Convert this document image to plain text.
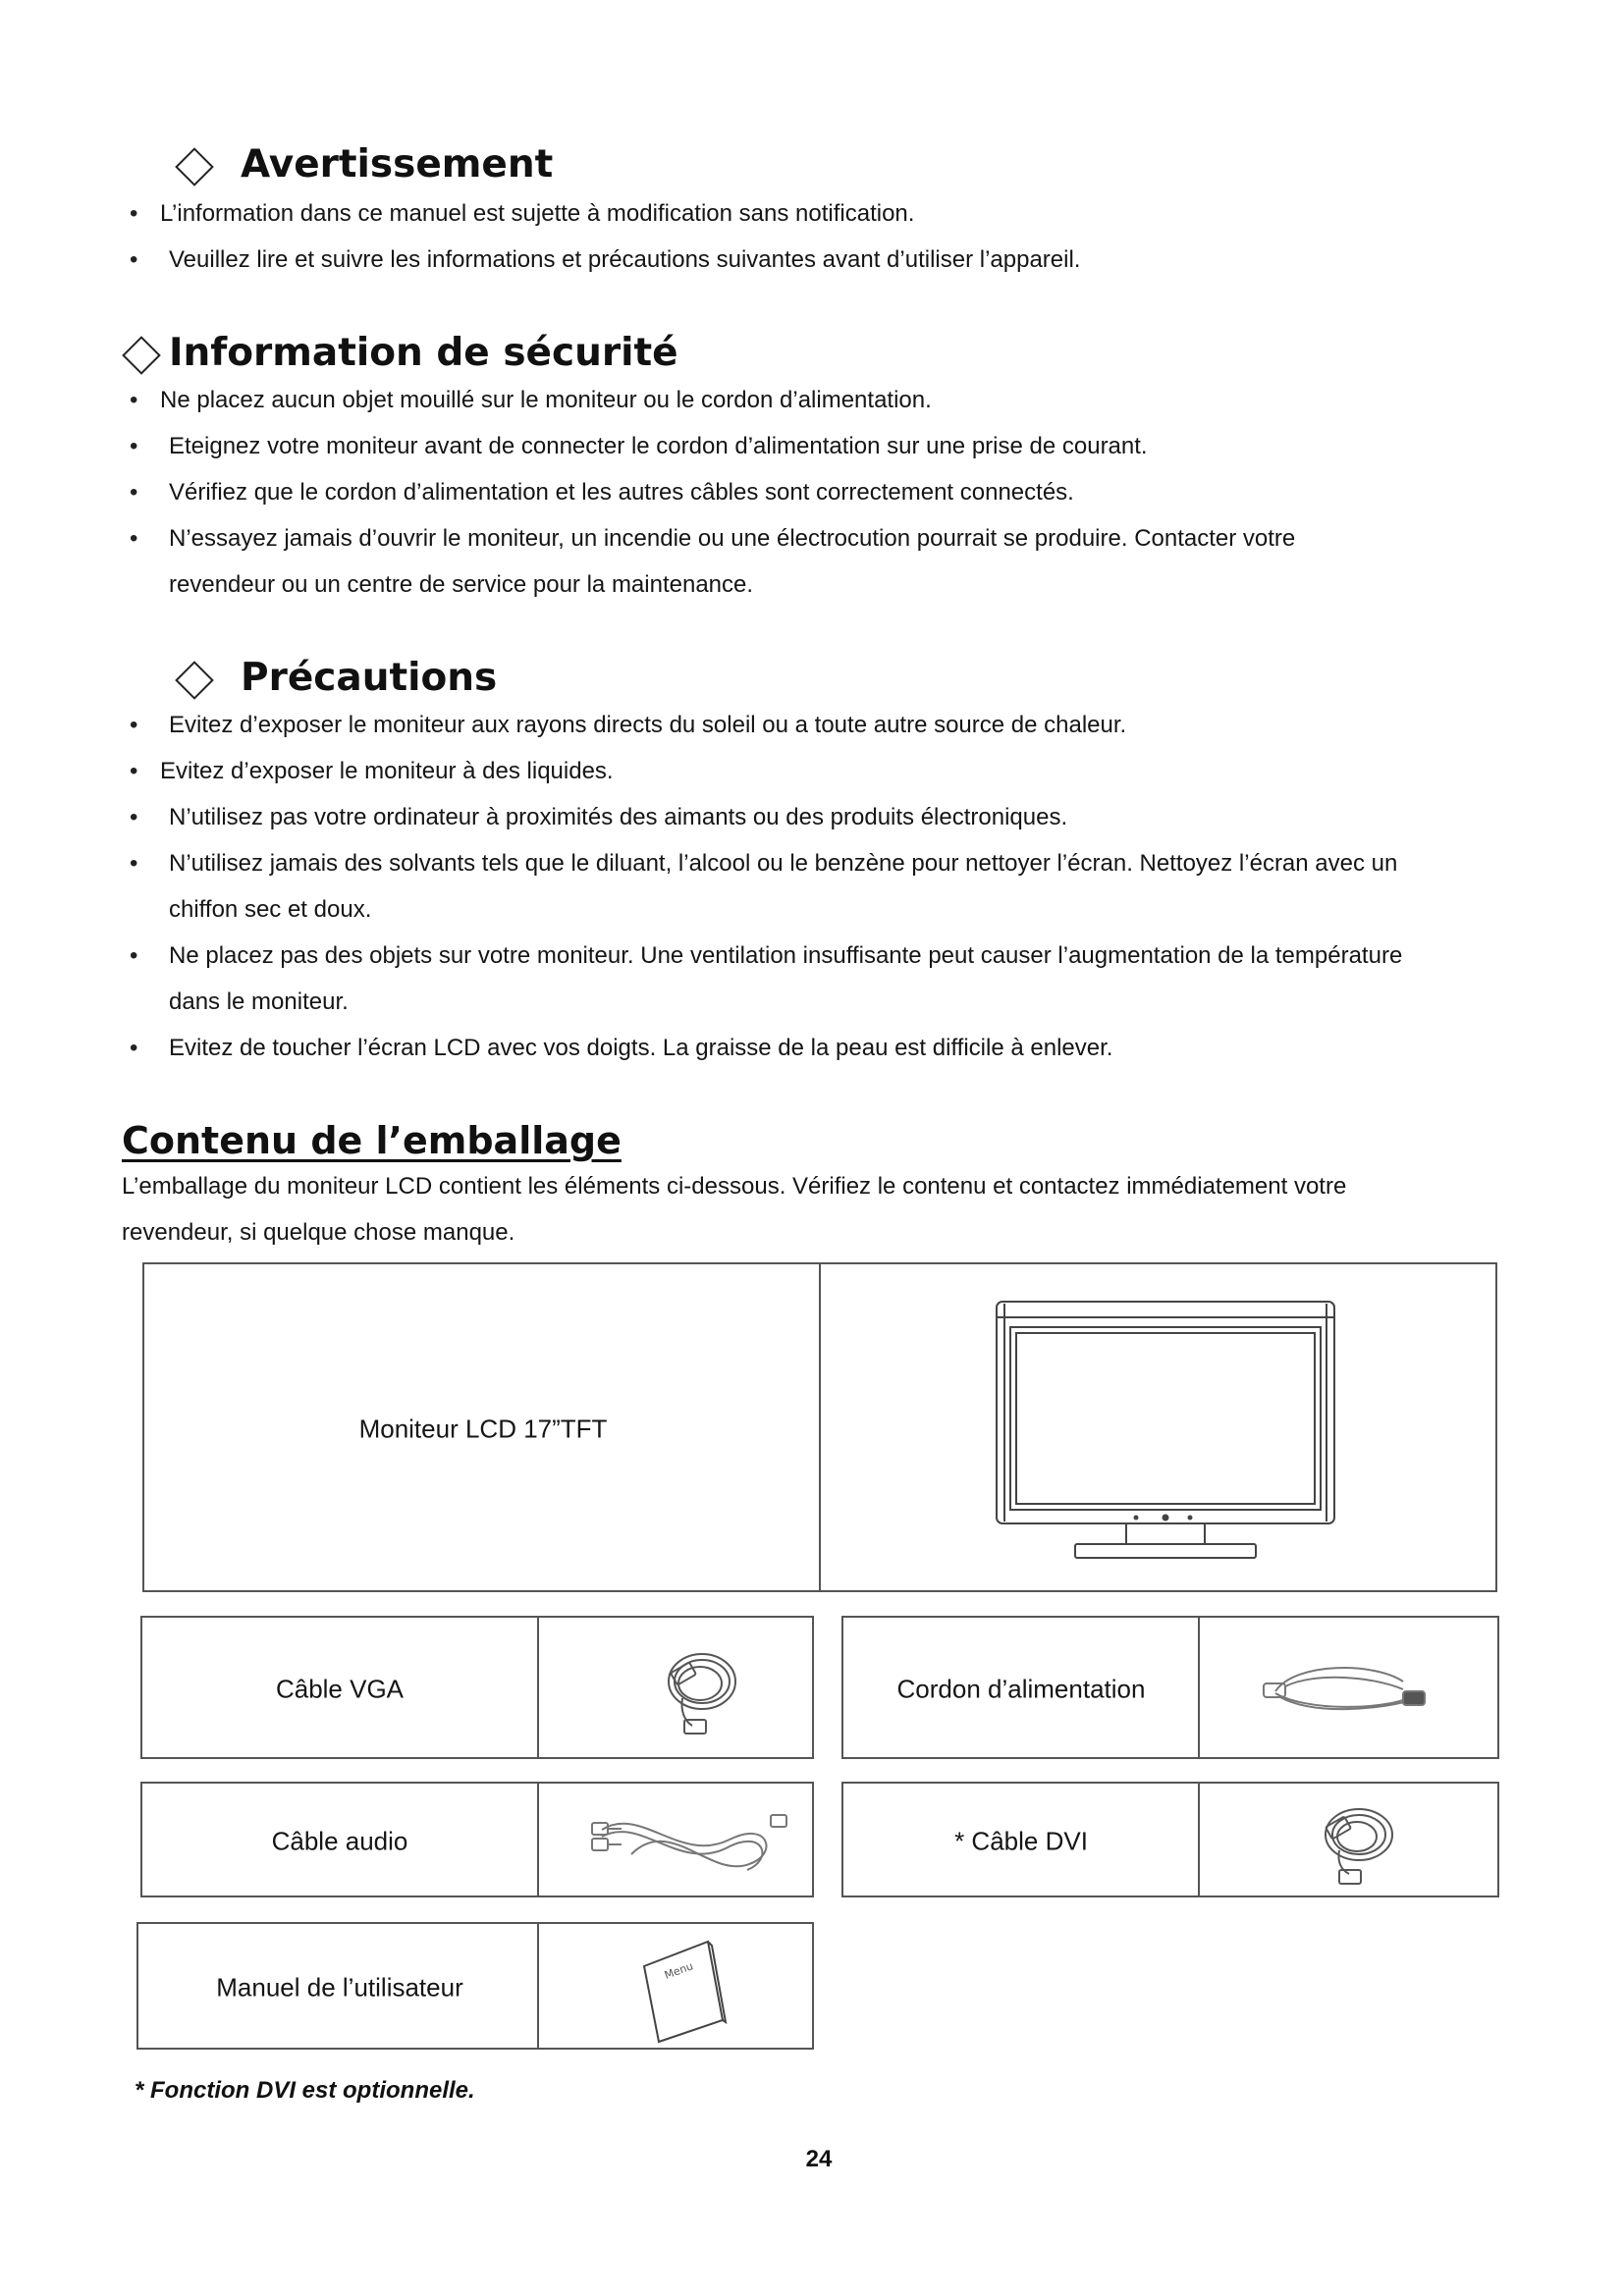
Avertissement
• L’information dans ce manuel est sujette à modification sans notification.
• Veuillez lire et suivre les informations et précautions suivantes avant d’utiliser l’appareil.
Information de sécurité
• Ne placez aucun objet mouillé sur le moniteur ou le cordon d’alimentation.
• Eteignez votre moniteur avant de connecter le cordon d’alimentation sur une prise de courant.
• Vérifiez que le cordon d’alimentation et les autres câbles sont correctement connectés.
• N’essayez jamais d’ouvrir le moniteur, un incendie ou une électrocution pourrait se produire. Contacter votre
revendeur ou un centre de service pour la maintenance.
Précautions
• Evitez d’exposer le moniteur aux rayons directs du soleil ou a toute autre source de chaleur.
• Evitez d’exposer le moniteur à des liquides.
• N’utilisez pas votre ordinateur à proximités des aimants ou des produits électroniques.
• N’utilisez jamais des solvants tels que le diluant, l’alcool ou le benzène pour nettoyer l’écran. Nettoyez l’écran avec un
chiffon sec et doux.
• Ne placez pas des objets sur votre moniteur. Une ventilation insuffisante peut causer l’augmentation de la température
dans le moniteur.
• Evitez de toucher l’écran LCD avec vos doigts. La graisse de la peau est difficile à enlever.
Contenu de l’emballage
L’emballage du moniteur LCD contient les éléments ci-dessous. Vérifiez le contenu et contactez immédiatement votre
revendeur, si quelque chose manque.
Moniteur LCD 17”TFT
Câble VGA	Cordon d’alimentation
Câble audio	* Câble DVI
Manuel de l’utilisateur
Menu
* Fonction DVI est optionnelle.
24
